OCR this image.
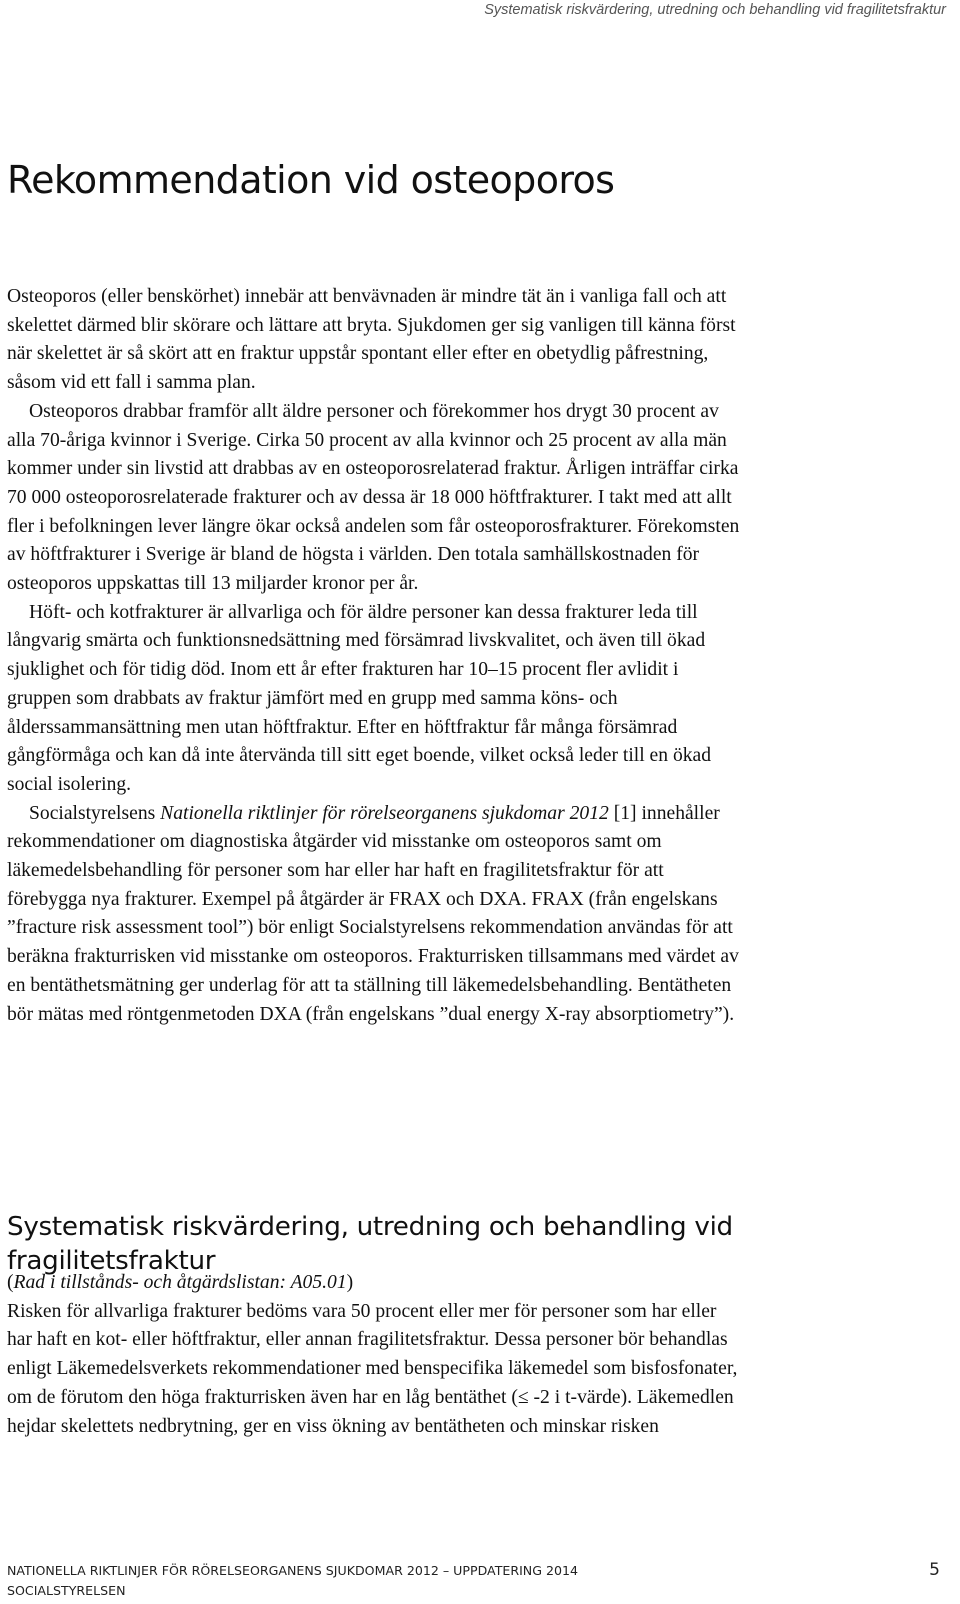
Systematisk riskvärdering, utredning och behandling vid fragilitetsfraktur
Rekommendation vid osteoporos

Osteoporos (eller benskörhet) innebär att benvävnaden är mindre tät än i vanliga fall och att skelettet därmed blir skörare och lättare att bryta. Sjukdomen ger sig vanligen till känna först när skelettet är så skört att en fraktur uppstår spontant eller efter en obetydlig påfrestning, såsom vid ett fall i samma plan.

Osteoporos drabbar framför allt äldre personer och förekommer hos drygt 30 procent av alla 70-åriga kvinnor i Sverige. Cirka 50 procent av alla kvinnor och 25 procent av alla män kommer under sin livstid att drabbas av en osteoporosrelaterad fraktur. Årligen inträffar cirka 70 000 osteoporosrelaterade frakturer och av dessa är 18 000 höftfrakturer. I takt med att allt fler i befolkningen lever längre ökar också andelen som får osteoporosfrakturer. Förekomsten av höftfrakturer i Sverige är bland de högsta i världen. Den totala samhällskostnaden för osteoporos uppskattas till 13 miljarder kronor per år.

Höft- och kotfrakturer är allvarliga och för äldre personer kan dessa frakturer leda till långvarig smärta och funktionsnedsättning med försämrad livskvalitet, och även till ökad sjuklighet och för tidig död. Inom ett år efter frakturen har 10–15 procent fler avlidit i gruppen som drabbats av fraktur jämfört med en grupp med samma köns- och ålderssammansättning men utan höftfraktur. Efter en höftfraktur får många försämrad gångförmåga och kan då inte återvända till sitt eget boende, vilket också leder till en ökad social isolering.

Socialstyrelsens Nationella riktlinjer för rörelseorganens sjukdomar 2012 [1] innehåller rekommendationer om diagnostiska åtgärder vid misstanke om osteoporos samt om läkemedelsbehandling för personer som har eller har haft en fragilitetsfraktur för att förebygga nya frakturer. Exempel på åtgärder är FRAX och DXA. FRAX (från engelskans ”fracture risk assessment tool”) bör enligt Socialstyrelsens rekommendation användas för att beräkna frakturrisken vid misstanke om osteoporos. Frakturrisken tillsammans med värdet av en bentäthetsmätning ger underlag för att ta ställning till läkemedelsbehandling. Bentätheten bör mätas med röntgenmetoden DXA (från engelskans ”dual energy X-ray absorptiometry”).

Systematisk riskvärdering, utredning och behandling vid fragilitetsfraktur

(Rad i tillstånds- och åtgärdslistan: A05.01)

Risken för allvarliga frakturer bedöms vara 50 procent eller mer för personer som har eller har haft en kot- eller höftfraktur, eller annan fragilitetsfraktur. Dessa personer bör behandlas enligt Läkemedelsverkets rekommendationer med benspecifika läkemedel som bisfosfonater, om de förutom den höga frakturrisken även har en låg bentäthet (≤ -2 i t-värde). Läkemedlen hejdar skelettets nedbrytning, ger en viss ökning av bentätheten och minskar risken

NATIONELLA RIKTLINJER FÖR RÖRELSEORGANENS SJUKDOMAR 2012 – UPPDATERING 2014	5
SOCIALSTYRELSEN
